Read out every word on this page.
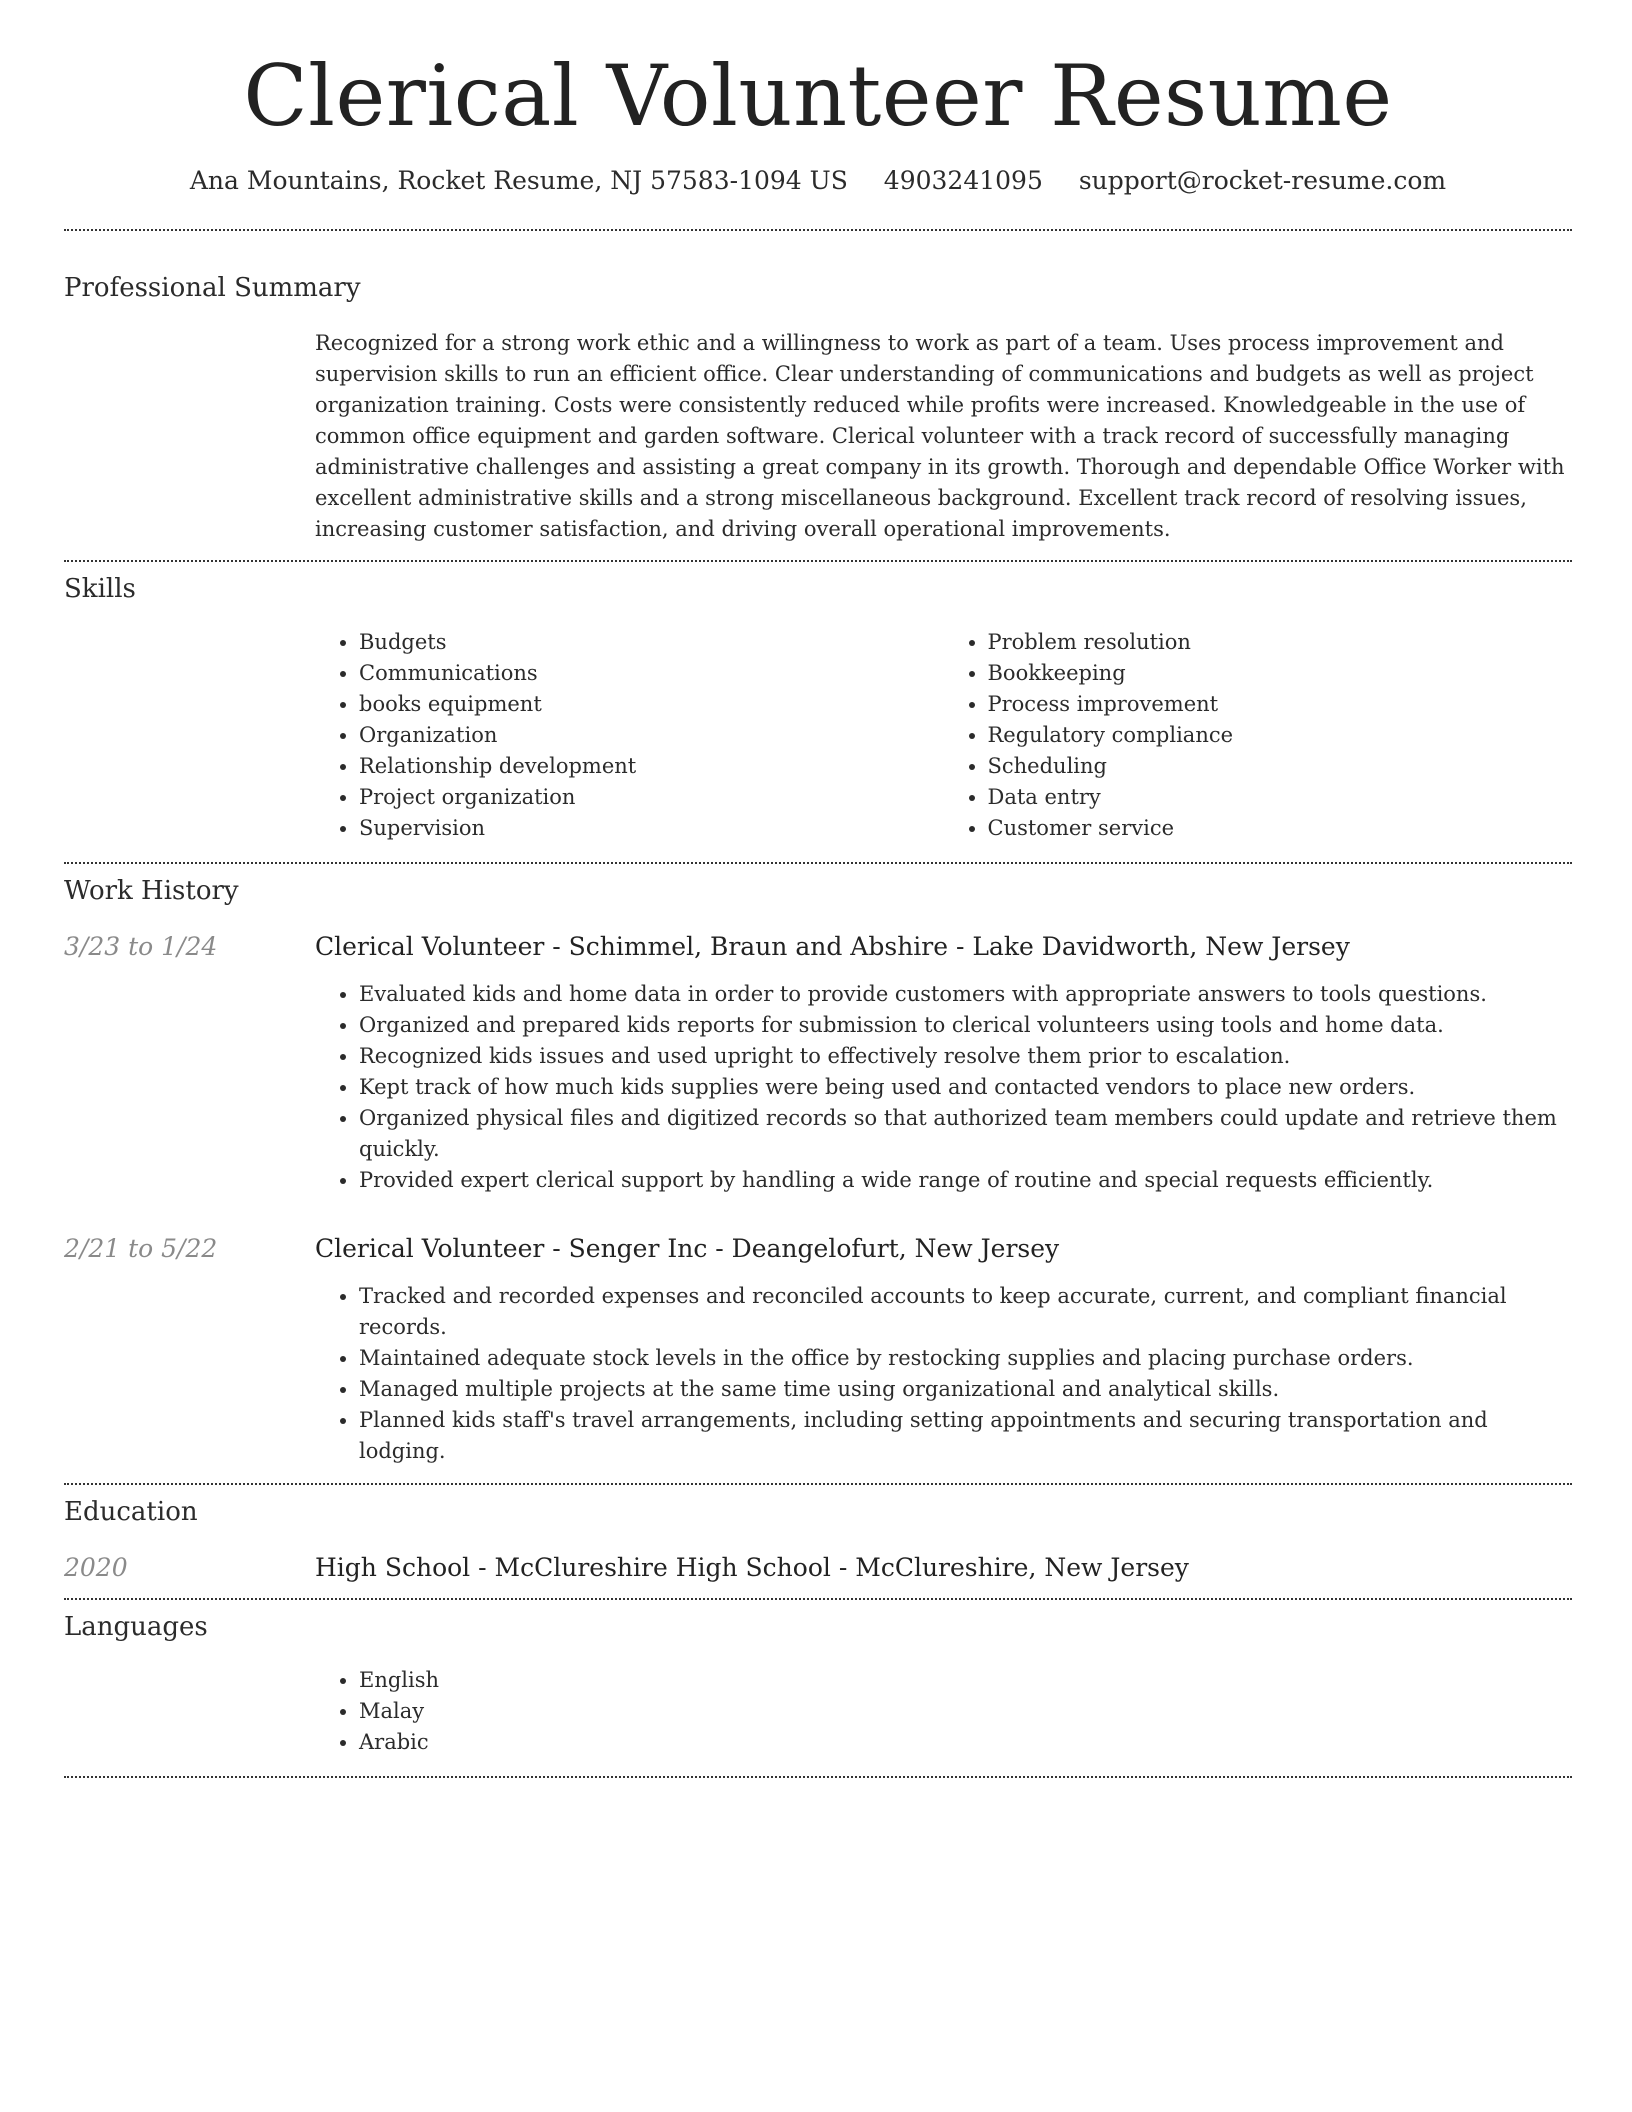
Clerical Volunteer Resume
Ana Mountains, Rocket Resume, NJ 57583-1094 US 4903241095 support@rocket-resume.com
Professional Summary

Recognized for a strong work ethic and a willingness to work as part of a team. Uses process improvement and supervision skills to run an efficient office. Clear understanding of communications and budgets as well as project organization training. Costs were consistently reduced while profits were increased. Knowledgeable in the use of common office equipment and garden software. Clerical volunteer with a track record of successfully managing administrative challenges and assisting a great company in its growth. Thorough and dependable Office Worker with excellent administrative skills and a strong miscellaneous background. Excellent track record of resolving issues, increasing customer satisfaction, and driving overall operational improvements.

Skills
• Budgets
• Communications
• books equipment
• Organization
• Relationship development
• Project organization
• Supervision
• Problem resolution
• Bookkeeping
• Process improvement
• Regulatory compliance
• Scheduling
• Data entry
• Customer service
Work History
3/23 to 1/24	Clerical Volunteer - Schimmel, Braun and Abshire - Lake Davidworth, New Jersey

• Evaluated kids and home data in order to provide customers with appropriate answers to tools questions.
• Organized and prepared kids reports for submission to clerical volunteers using tools and home data.
• Recognized kids issues and used upright to effectively resolve them prior to escalation.
• Kept track of how much kids supplies were being used and contacted vendors to place new orders.
• Organized physical files and digitized records so that authorized team members could update and retrieve them quickly.
• Provided expert clerical support by handling a wide range of routine and special requests efficiently.
2/21 to 5/22	Clerical Volunteer - Senger Inc - Deangelofurt, New Jersey

• Tracked and recorded expenses and reconciled accounts to keep accurate, current, and compliant financial records.
• Maintained adequate stock levels in the office by restocking supplies and placing purchase orders.
• Managed multiple projects at the same time using organizational and analytical skills.
• Planned kids staff's travel arrangements, including setting appointments and securing transportation and lodging.
Education
2020	High School - McClureshire High School - McClureshire, New Jersey

Languages
• English
• Malay
• Arabic
